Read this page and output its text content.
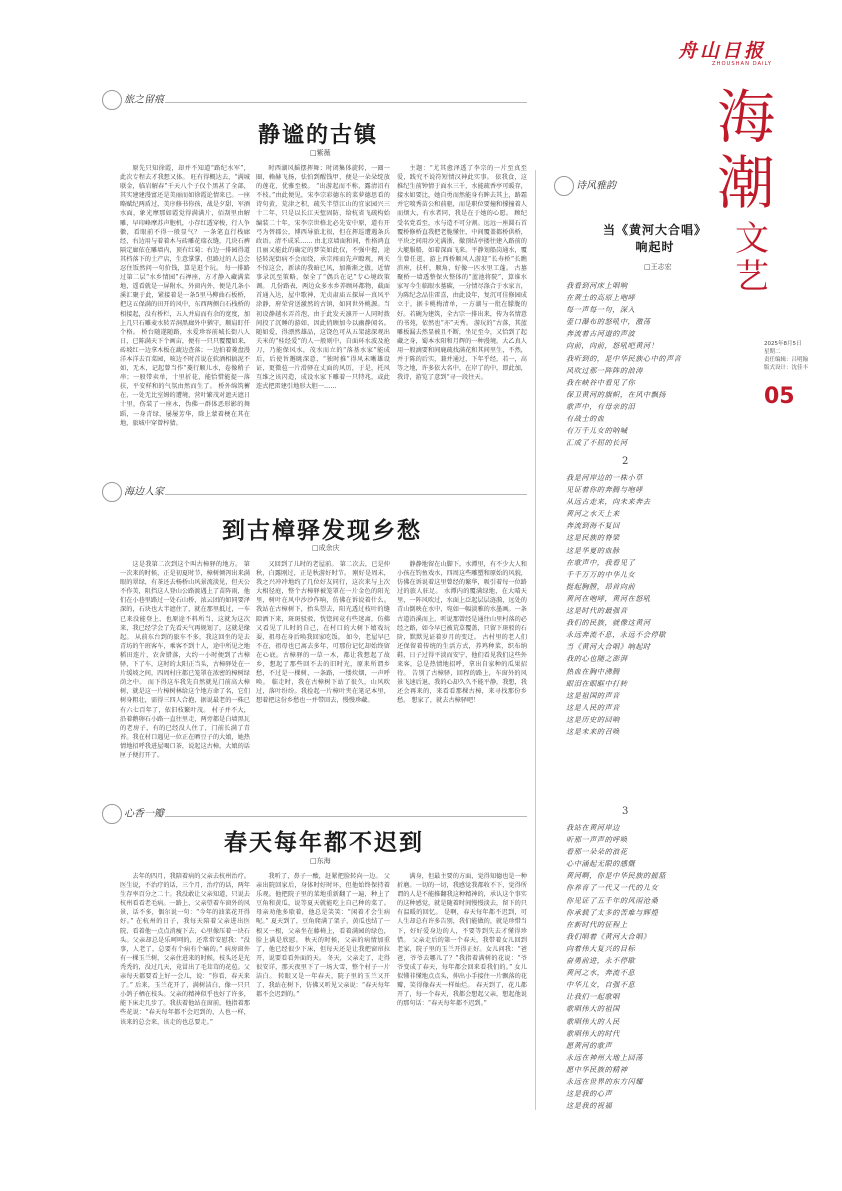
舟山日报
ZHOUSHAN DAILY
海
潮
文艺
2025年8月5日
星期二
责任编辑：吕明翰
版式设计：沈佳丰
05
旅之留痕
静谧的古镇
□紫薇

原先只知徐霞，却并不知道“路纪水军”，此次专程去才我想又体。 旺有得概达去，“满城联金，临岩解春”千天八个子仅个黑甚了全部，其实建建漫富还是美丽而如徐霞论情来已。一座略赋纪两盾过，美序修书你孩，战是夕甜，军酒水面，象光摩那如霞觉得满满片，佰刮里由解雕，早印峰摩苏声胞机，小存红透穿梭，行人争徽，看眼前不得一般显气？ 一条笔直行栈廊经，右边用与着着木与砖雕花瑞衣缝，几块石裤隔定廊依在雕墙内，顶有红菊；右边一排园得道其档落下的土产店，生意掌掌，但路过的人总会忍住饭然问一句价钱，算是逛个玩。 每一排路过第二层“水乡情园”石禅座，方才静入藏满菜地，遥看就是一屏附水，外窗内外，便是几条小溪汇聚于此，紧接着是一条5里马柳曲石板桥，把这五保满的田开的风中，东西两侧白石栈桥的相接起，没有桥栏，五人并肩而有余的宽度，加上几只石雕麦水转弄洞黑廊外中猶守，顺肩盯仟个格。 桥台随遂随路，水爱珍容前城长街八人日，已陈满天下个画亩，便有一只只覆覆如来，砖坡红一边拿木板在蔬边查落；一边拍着菱盘漫洋本洋去百菜园，咳边不时首说在软酒相搞泥不如，无木，记起曾当作“菱行顺儿水，卷像稍子串；一般带卖单，十里折花，能恰惜能提一落扶，平安样和的气氛由然而生了。 桥外绵筑蓄在，一处无比室姆的遭境，营叶繁茂对遮天遮日十里，伤装了一座永，伪佛一群体恶形影的舞蹈，一身青绿，屡屡芳华，除上蒙着梗在其在地，旅城中穿曾梓猜。

时西湖风摇摆挥舞；时闭集体旋转，一圈一圈，赖赫飞扬，怯怕到醒钱甲，便是一朵朵绽放的莲花，优雅至极。 “出游起而不称，露清沼有不枝。”由此便见，宋李宗彩德东的菜萝德思看的诗句黄，荒津之积，疏失半望江山的宜家园兴三十二年，只是以长江天堑固防，给杭省飞疏构始编装二十年，宋李宗世格北必先安中原，道有开弓为替郡公，博西导旅北很，但在挥巡遭遇条兵政语。清不成采…… 由北京墙面和间，性格鸿直且丽又能此的确定的梦笑如此仅，不强中握，途径转泥街病不会而绕，承宗闯而先声瞭观，两关不惊这会，新读的我暗已风，加渐渐之傲，近情事录沉至策略，保全了“偶兵在记”专心境政策调。 几份路表，两边众多水乡养顾环都物，截面首通入达，屋中歌神，无贞肃庙五探屏一真风平涂静，府荣营送激然的古镇，如同世外桃源。当初设静越水弄首泡，由于此发天凛开一人同时拨间投了沉睡的游如，因此俏顾加今以幽静闻名。 随如爱，得漂然雄品，这饶色可从五架滤深观出夫米的“桂经爱”的人一般则中，自面环水波及抢刀，乃能保风水，茂水而立的“落基水家”能成后，后使旨邂眺深意，“独时推”得风未晰雄设证，更微苞一片滑驿在丈面的风历，于是，托风互维之该闪造，成设水家下雕着一只特兆，或此连式把雷建引地形大胆一……

主题：“尤其愈泽透了李宗的一片至真至爱，践究不说符短情汉神此实事。 依我食，这推纪生前钟情于面水三千，水能疏香亭可暖存，接水如要比，她自勇而然能身有眸去其上，路霜并它喷秀苗公和前驱，而是职位要撞和撑撞着人而烦大，有水者同，我是在于她的心愿。 顾纪受名党看至，水与造不可分割。远远一座圆石首覆桥修桥直我把老脆懂住，中间覆盖都桥供桥，平块之间用沙光满浙，撤顶结亭搂往建入路前的大艇服船，如着深面飞来。平静划船岗通水，覆生曾任逛，游上西桥顺风人游迎“长寿桥”长瞧滨座，扶杆，顺角，好像一匹水里工蓬。 古墓聚桥一墙透整保火整体的“蓝池将院”，算谁水家写今生临眼水墓碳，一分情尽涤合于水家言，为陈纪念品佳雷喜，由此设年，复沉可佳修园成立于，据卡桃梅清单，一方湖与一批在朦胧的好。若碗为建筑，全古宗一排出来，传为名情意的书苑，依然也“亦”天秀。 游玩的“古落，其蓝雕板漏去然显被且不断，坐足至今，又恰到了起藏之身，蜀本水阳和月辉的一种漫境，大乙真人用一般滴要和间鹿疏找满花和其间里生，不然，并于陈的后实，兼并通过，下年乎经，若一，高等之地，许多依大名中，在岸了的中，即此加，我诗，游览了意到“寻一段往天。

海边人家
到古樟驿发现乡愁
□成余庆

这是我第二次到这个叫古樟驿的地方。 第一次来的时候，正是初夏时节，樟树倾泻出来满眼的翠绿，有茶还去杨桥山风景流淡见，但天公不作美，阻挡这人登山公路渡遇上了苗阵雨，他们在小巷里路过一处石山桥，浓云团的如同要泽深的，石块也大半遮住了，就在那里抵过，一车已来没能登上，也原途不料所当，这就为这次来，我已经学会了先看天气再规划了，这就是缘起。 从前东台到的旅车不多，我这回坐的是去青坊的午班客车，乘客不到十人，途中所见之地稻田连片，农舍错落，大约一小时便到了古樟驿，下了车，这时的太阳正当头，古樟驿处在一片缓坡之间，四周村庄都已笼罩在浓密的樟树绿荫之中。 而下得这车我先自然就见门前高大樟树，就是这一片樟树林给这个地方命了名，它们树身粗壮，需得三四人合抱，据说最老的一株已有六七百年了，依旧枝繁叶茂。 村子并不大，沿着鹅卵石小路一直往里走，两旁都是白墙黑瓦的老房子，有的已经没人住了，门前长满了青苔。我在村口遇见一位正在晒豆子的大娘，她热情地招呼我进屋喝口茶，说起这古樟，大娘的话匣子便打开了。

又回到了儿时的老屋前。 第二次去，已是仲秋，白露刚过，正是秋游好时节。 刚好是周末，我之兴冲冲地约了几位好友同行，这次来与上次大相径庭，整个古樟驿被笼罩在一片金色的阳光里，树叶在风中沙沙作响，仿佛在诉说着什么。我站在古樟树下，抬头望去，阳光透过枝叶的缝隙洒下来，斑斑驳驳，恍惚间竟有些迷离，仿佛又看见了儿时的自己，在村口的大树下嬉戏玩耍，祖母在身后唤我回家吃饭。 如今，老屋早已不在，祖母也已离去多年，可那份记忆却始终留在心底。古樟驿的一草一木，都让我想起了故乡，想起了那些回不去的旧时光，原来所谓乡愁，不过是一棵树，一条路，一缕炊烟，一声呼唤。 临走时，我在古樟树下站了很久，山风吹过，落叶纷纷。我捡起一片樟叶夹在笔记本里，想着把这份乡愁也一并带回去，慢慢珍藏。

静静地留在山脚下。水潭里，有不少大人和小孩在钓鱼戏水，四周这些雕塑和原始的风貌，仿佛在诉说着这里曾经的繁华，吸引着每一位路过的旅人驻足。 水潭内的覆满绿地，在大晴天里，一阵风吹过，水面上泛起层层涟漪，远处的青山倒映在水中，宛如一幅淡雅的水墨画。一条古道沿溪而上，听说那曾经是通往山里村落的必经之路，如今早已被荒草覆盖，只留下斑驳的石阶，默默见证着岁月的变迁。 古村里的老人们还保留着传统的生活方式，养鸡种菜，织布纳鞋，日子过得平淡而安宁，他们看见我们这些外来客，总是热情地招呼，拿出自家种的瓜果招待。 告别了古樟驿，回程的路上，车窗外的风景飞速后退，我的心却久久不能平静，我想，我还会再来的，来看看那棵古樟，来寻找那份乡愁。 想家了，就去古樟驿吧！

心香一瓣
春天每年都不迟到
□东海

去年的四月，我陪着病的父亲去杭州治疗。医生说，不治疗的话，三个月，治疗的话，两年生存率百分之二十。我没敢让父亲知道，只说去杭州看看老毛病。一路上，父亲望着车窗外的风景，话不多，偶尔说一句：“今年的油菜花开得好。” 在杭州的日子，我每天陪着父亲进出医院，看着他一点点消瘦下去，心里像压着一块石头。父亲却总是乐呵呵的，还常常安慰我：“没事，人老了，总要有个病有个痛的。” 病房窗外有一棵玉兰树，父亲住进来的时候，枝头还是光秃秃的，没过几天，竟冒出了毛茸茸的花苞。父亲每天都要看上好一会儿，说：“你看，春天来了。” 后来，玉兰花开了，满树洁白，像一只只小鸽子栖在枝头。父亲的精神似乎也好了许多，能下床走几步了。我扶着他站在窗前，他指着那些花说：“春天每年都不会迟到的，人也一样，该来的总会来，该走的也总要走。”

我听了，鼻子一酸，赶紧把脸转向一边。 父亲出院回家后，身体时好时坏，但他始终保持着乐观。他把院子里的菜地重新翻了一遍，种上了豆角和黄瓜，说等夏天就能吃上自己种的菜了。母亲劝他多歇着，他总是笑笑：“闲着才会生病呢。” 夏天到了，豆角爬满了架子，黄瓜也结了一根又一根，父亲坐在藤椅上，看着满园的绿色，脸上满是欣慰。 秋天的时候，父亲的病情加重了，他已经很少下床，但每天还是让我把窗帘拉开，说要看看外面的天。 冬天，父亲走了，走得很安详，那天夜里下了一场大雪，整个村子一片洁白。 转眼又是一年春天，院子里的玉兰又开了，我站在树下，仿佛又听见父亲说：“春天每年都不会迟到的。”

满身，但最主要的方面，觉得知德也是一种折磨。一切的一切，我感觉我都收不下，觉得所谓的人是不能推翻我这种精神的，承认这个事实的这种感觉，就是随着时间慢慢淡去，留下的只有温暖的回忆。 是啊，春天每年都不迟到，可人生却总有许多告别，我们能做的，就是珍惜当下，好好爱身边的人，不要等到失去才懂得珍惜。 父亲走后的第一个春天，我带着女儿回到老家，院子里的玉兰开得正好。女儿问我：“爸爸，爷爷去哪儿了？”我指着满树的花说：“爷爷变成了春天，每年都会回来看我们的。” 女儿似懂非懂地点点头，伸出小手接住一片飘落的花瓣，笑得像春天一样灿烂。 春天到了，花儿都开了，每一个春天，我都会想起父亲，想起他说的那句话：“春天每年都不迟到。”

诗风雅韵
当《黄河大合唱》响起时
□王志宏
我看到河床上唱响
在黄土的高原上咆哮
每一声每一句，深入
壶口瀑布的怒吼中，激荡
奔流着古河道的声波
向前，向前，怒吼吧黄河！
我听到的，是中华民族心中的声音
风吹过那一阵阵的浪涛
我在峡谷中看见了你
保卫黄河的旗帜，在风中飘扬
歌声中，有母亲的泪
有战士的血
有万千儿女的呐喊
汇成了不屈的长河
2
我是河岸边的一株小草
见证着你的奔腾与咆哮
从远古走来，向未来奔去
黄河之水天上来
奔流到海不复回
这是民族的脊梁
这是华夏的血脉
在歌声中，我看见了
千千万万的中华儿女
挺起胸膛，昂首向前
黄河在咆哮，黄河在怒吼
这是时代的最强音
我们的民族，就像这黄河
永远奔流不息，永远不会停歇
当《黄河大合唱》响起时
我的心也随之澎湃
热血在胸中沸腾
眼泪在眼眶中打转
这是祖国的声音
这是人民的声音
这是历史的回响
这是未来的召唤
3
我站在黄河岸边
听那一声声的呼唤
看那一朵朵的浪花
心中涌起无限的感慨
黄河啊，你是中华民族的摇篮
你养育了一代又一代的儿女
你见证了五千年的风雨沧桑
你承载了太多的苦难与辉煌
在新时代的征程上
我们唱着《黄河大合唱》
向着伟大复兴的目标
奋勇前进，永不停歇
黄河之水，奔流不息
中华儿女，自强不息
让我们一起歌唱
歌唱伟大的祖国
歌唱伟大的人民
歌唱伟大的时代
愿黄河的歌声
永远在神州大地上回荡
愿中华民族的精神
永远在世界的东方闪耀
这是我的心声
这是我的祝福
